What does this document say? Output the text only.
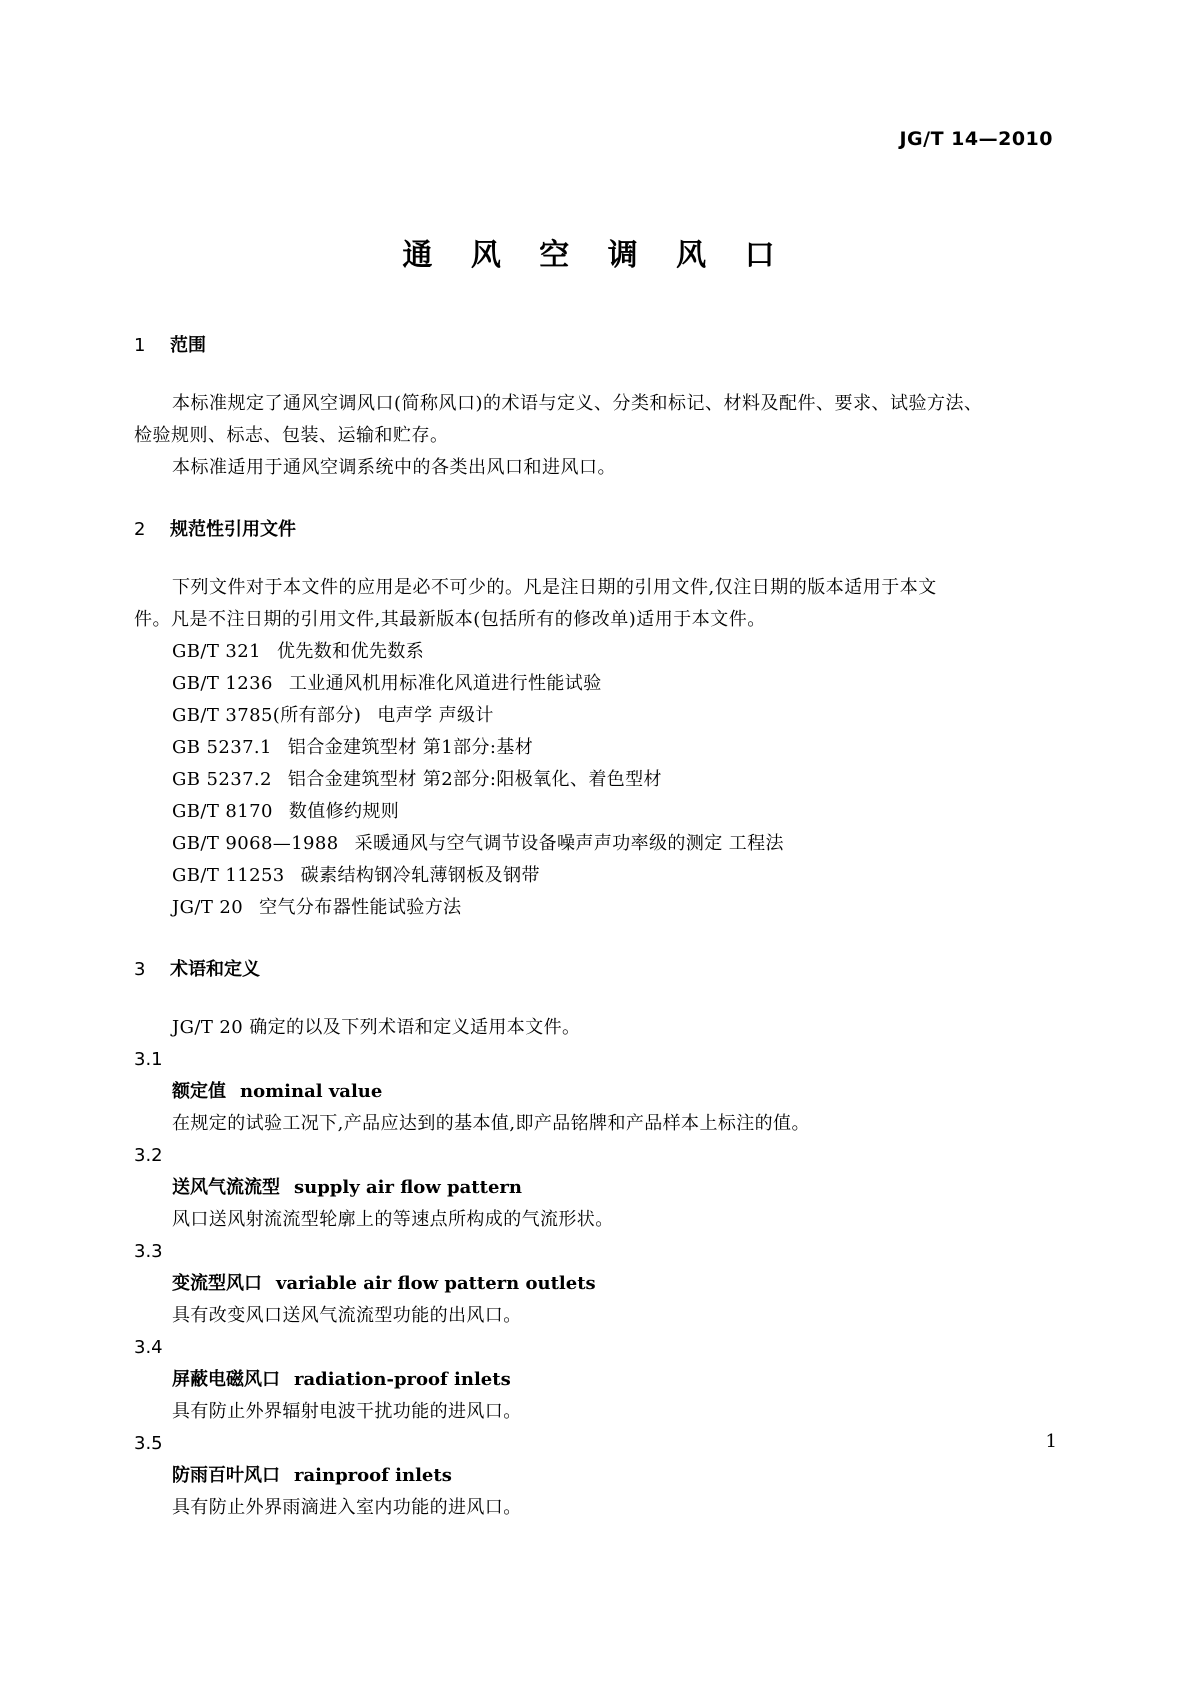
JG/T 14—2010
通 风 空 调 风 口

1 范围

本标准规定了通风空调风口(简称风口)的术语与定义、分类和标记、材料及配件、要求、试验方法、

检验规则、标志、包装、运输和贮存。

本标准适用于通风空调系统中的各类出风口和进风口。

2 规范性引用文件

下列文件对于本文件的应用是必不可少的。凡是注日期的引用文件,仅注日期的版本适用于本文

件。凡是不注日期的引用文件,其最新版本(包括所有的修改单)适用于本文件。

GB/T 321 优先数和优先数系

GB/T 1236 工业通风机用标准化风道进行性能试验

GB/T 3785(所有部分) 电声学 声级计

GB 5237.1 铝合金建筑型材 第1部分:基材

GB 5237.2 铝合金建筑型材 第2部分:阳极氧化、着色型材

GB/T 8170 数值修约规则

GB/T 9068—1988 采暖通风与空气调节设备噪声声功率级的测定 工程法

GB/T 11253 碳素结构钢冷轧薄钢板及钢带

JG/T 20 空气分布器性能试验方法

3 术语和定义

JG/T 20 确定的以及下列术语和定义适用本文件。

3.1

额定值 nominal value

在规定的试验工况下,产品应达到的基本值,即产品铭牌和产品样本上标注的值。

3.2

送风气流流型 supply air flow pattern

风口送风射流流型轮廓上的等速点所构成的气流形状。

3.3

变流型风口 variable air flow pattern outlets

具有改变风口送风气流流型功能的出风口。

3.4

屏蔽电磁风口 radiation-proof inlets

具有防止外界辐射电波干扰功能的进风口。

3.5

防雨百叶风口 rainproof inlets

具有防止外界雨滴进入室内功能的进风口。

1
